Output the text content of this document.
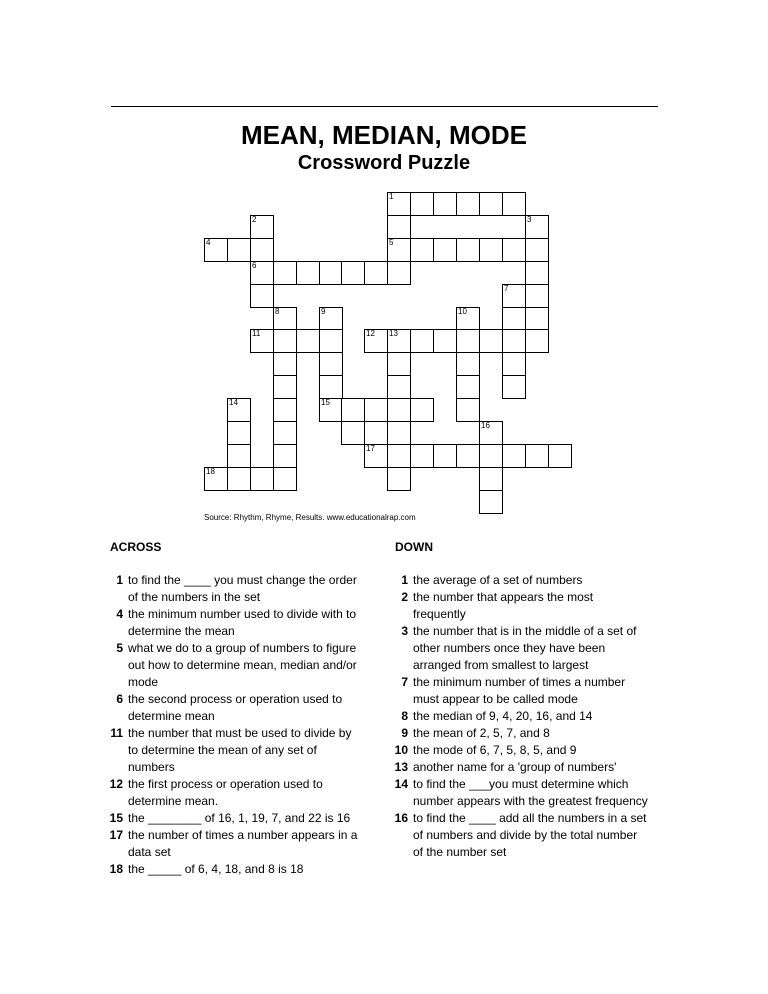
MEAN, MEDIAN, MODE
Crossword Puzzle
1
2	3
4	5
6
7
8	9	10
11	12 13
14	15
16
17
18
Source: Rhythm, Rhyme, Results. www.educationalrap.com
ACROSS
1 to find the ____ you must change the order of the numbers in the set
4 the minimum number used to divide with to determine the mean
5 what we do to a group of numbers to figure out how to determine mean, median and/or mode
6 the second process or operation used to determine mean
11 the number that must be used to divide by to determine the mean of any set of numbers
12 the first process or operation used to determine mean.
15 the ________ of 16, 1, 19, 7, and 22 is 16
17 the number of times a number appears in a data set
18 the _____ of 6, 4, 18, and 8 is 18
DOWN
1 the average of a set of numbers
2 the number that appears the most frequently
3 the number that is in the middle of a set of other numbers once they have been arranged from smallest to largest
7 the minimum number of times a number must appear to be called mode
8 the median of 9, 4, 20, 16, and 14
9 the mean of 2, 5, 7, and 8
10 the mode of 6, 7, 5, 8, 5, and 9
13 another name for a 'group of numbers'
14 to find the ___you must determine which number appears with the greatest frequency
16 to find the ____ add all the numbers in a set of numbers and divide by the total number of the number set
